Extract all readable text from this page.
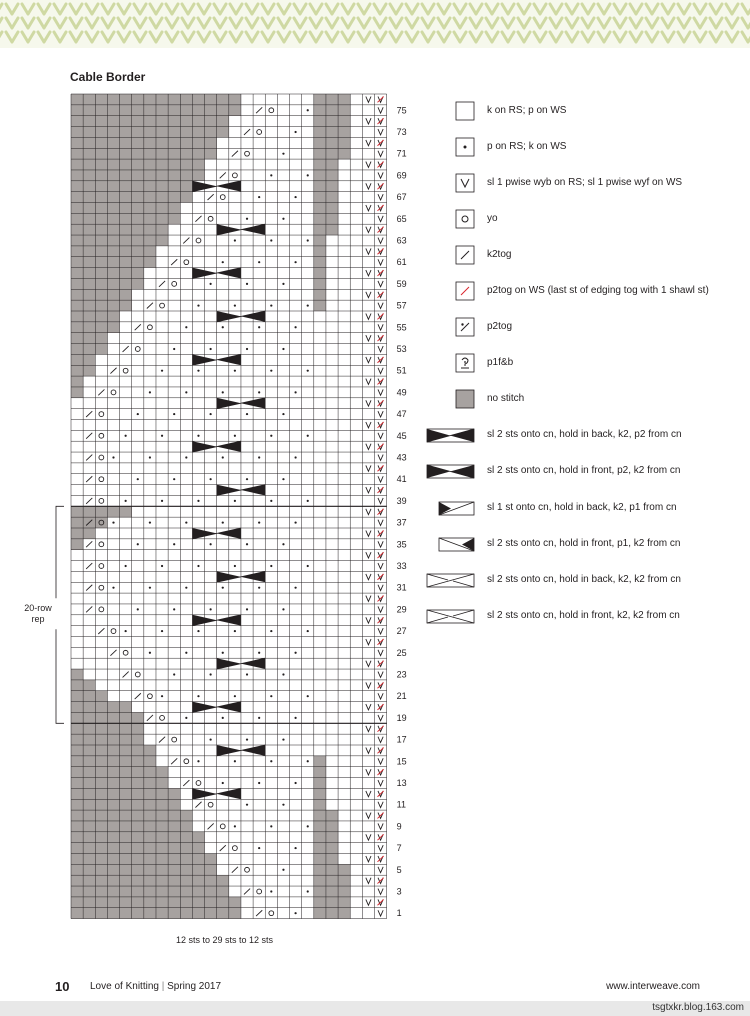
Cable Border
1
3
5
7
9
11
13
15
17
19
21
23
25
27
29
31
33
35
37
39
41
43
45
47
49
51
53
55
57
59
61
63
65
67
69
71
73
75
20-row rep
12 sts to 29 sts to 12 sts
k on RS; p on WS
p on RS; k on WS
sl 1 pwise wyb on RS; sl 1 pwise wyf on WS
yo
k2tog
p2tog on WS (last st of edging tog with 1 shawl st)
p2tog
p1f&b
no stitch
sl 2 sts onto cn, hold in back, k2, p2 from cn
sl 2 sts onto cn, hold in front, p2, k2 from cn
sl 1 st onto cn, hold in back, k2, p1 from cn
sl 2 sts onto cn, hold in front, p1, k2 from cn
sl 2 sts onto cn, hold in back, k2, k2 from cn
sl 2 sts onto cn, hold in front, k2, k2 from cn
10 Love of Knitting | Spring 2017	www.interweave.com
tsgtxkr.blog.163.com
